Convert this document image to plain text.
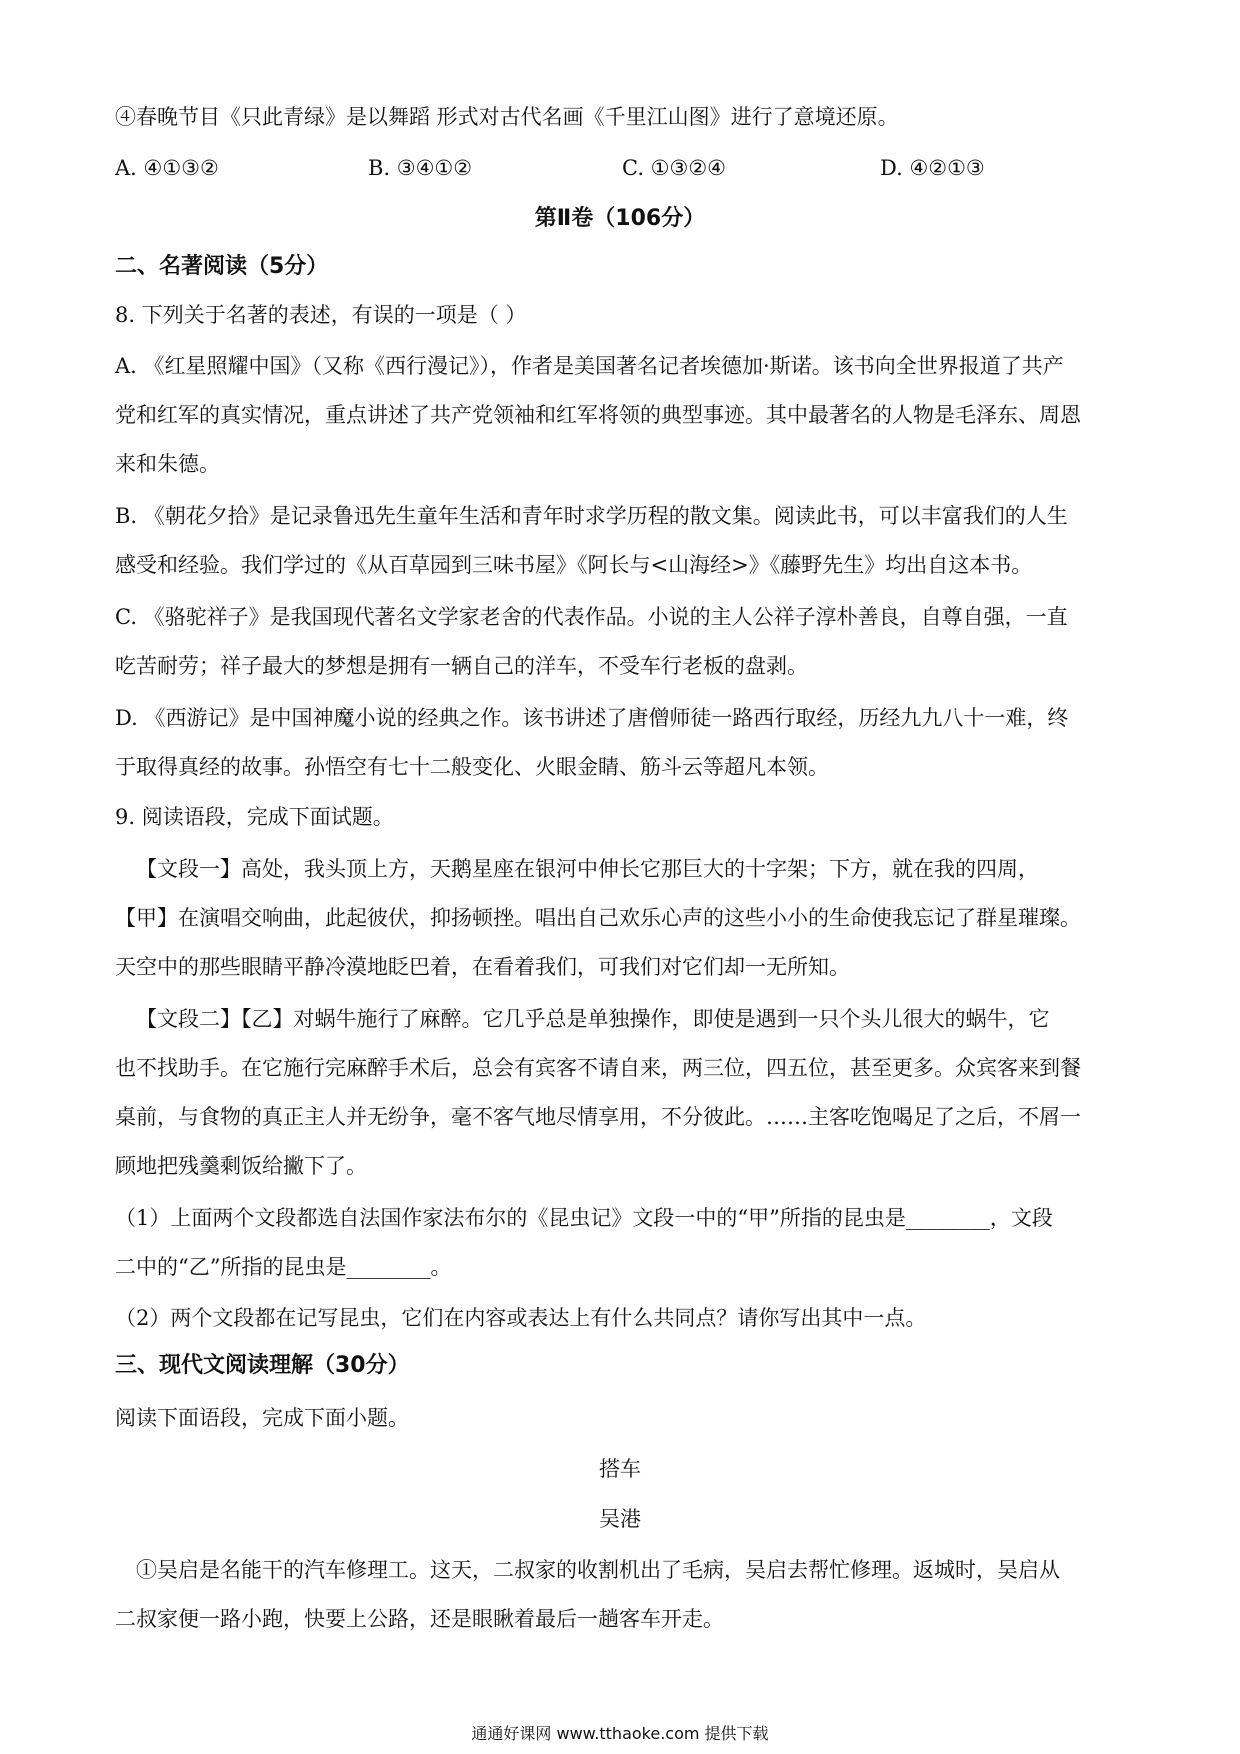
④春晚节目《只此青绿》是以舞蹈 形式对古代名画《千里江山图》进行了意境还原。
A. ④①③②	B. ③④①②	C. ①③②④	D. ④②①③
第Ⅱ卷（106分）
二、名著阅读（5分）
8. 下列关于名著的表述，有误的一项是（ ）
A. 《红星照耀中国》（又称《西行漫记》），作者是美国著名记者埃德加·斯诺。该书向全世界报道了共产
党和红军的真实情况，重点讲述了共产党领袖和红军将领的典型事迹。其中最著名的人物是毛泽东、周恩
来和朱德。
B. 《朝花夕拾》是记录鲁迅先生童年生活和青年时求学历程的散文集。阅读此书，可以丰富我们的人生
感受和经验。我们学过的《从百草园到三味书屋》《阿长与<山海经>》《藤野先生》均出自这本书。
C. 《骆驼祥子》是我国现代著名文学家老舍的代表作品。小说的主人公祥子淳朴善良，自尊自强，一直
吃苦耐劳；祥子最大的梦想是拥有一辆自己的洋车，不受车行老板的盘剥。
D. 《西游记》是中国神魔小说的经典之作。该书讲述了唐僧师徒一路西行取经，历经九九八十一难，终
于取得真经的故事。孙悟空有七十二般变化、火眼金睛、筋斗云等超凡本领。
9. 阅读语段，完成下面试题。
【文段一】高处，我头顶上方，天鹅星座在银河中伸长它那巨大的十字架；下方，就在我的四周，
【甲】在演唱交响曲，此起彼伏，抑扬顿挫。唱出自己欢乐心声的这些小小的生命使我忘记了群星璀璨。
天空中的那些眼睛平静冷漠地眨巴着，在看着我们，可我们对它们却一无所知。
【文段二】【乙】对蜗牛施行了麻醉。它几乎总是单独操作，即使是遇到一只个头儿很大的蜗牛，它
也不找助手。在它施行完麻醉手术后，总会有宾客不请自来，两三位，四五位，甚至更多。众宾客来到餐
桌前，与食物的真正主人并无纷争，毫不客气地尽情享用，不分彼此。……主客吃饱喝足了之后，不屑一
顾地把残羹剩饭给撇下了。
（1）上面两个文段都选自法国作家法布尔的《昆虫记》文段一中的“甲”所指的昆虫是________，文段
二中的“乙”所指的昆虫是________。
（2）两个文段都在记写昆虫，它们在内容或表达上有什么共同点？请你写出其中一点。
三、现代文阅读理解（30分）
阅读下面语段，完成下面小题。
搭车
吴港
①吴启是名能干的汽车修理工。这天，二叔家的收割机出了毛病，吴启去帮忙修理。返城时，吴启从
二叔家便一路小跑，快要上公路，还是眼瞅着最后一趟客车开走。
通通好课网 www.tthaoke.com 提供下载
